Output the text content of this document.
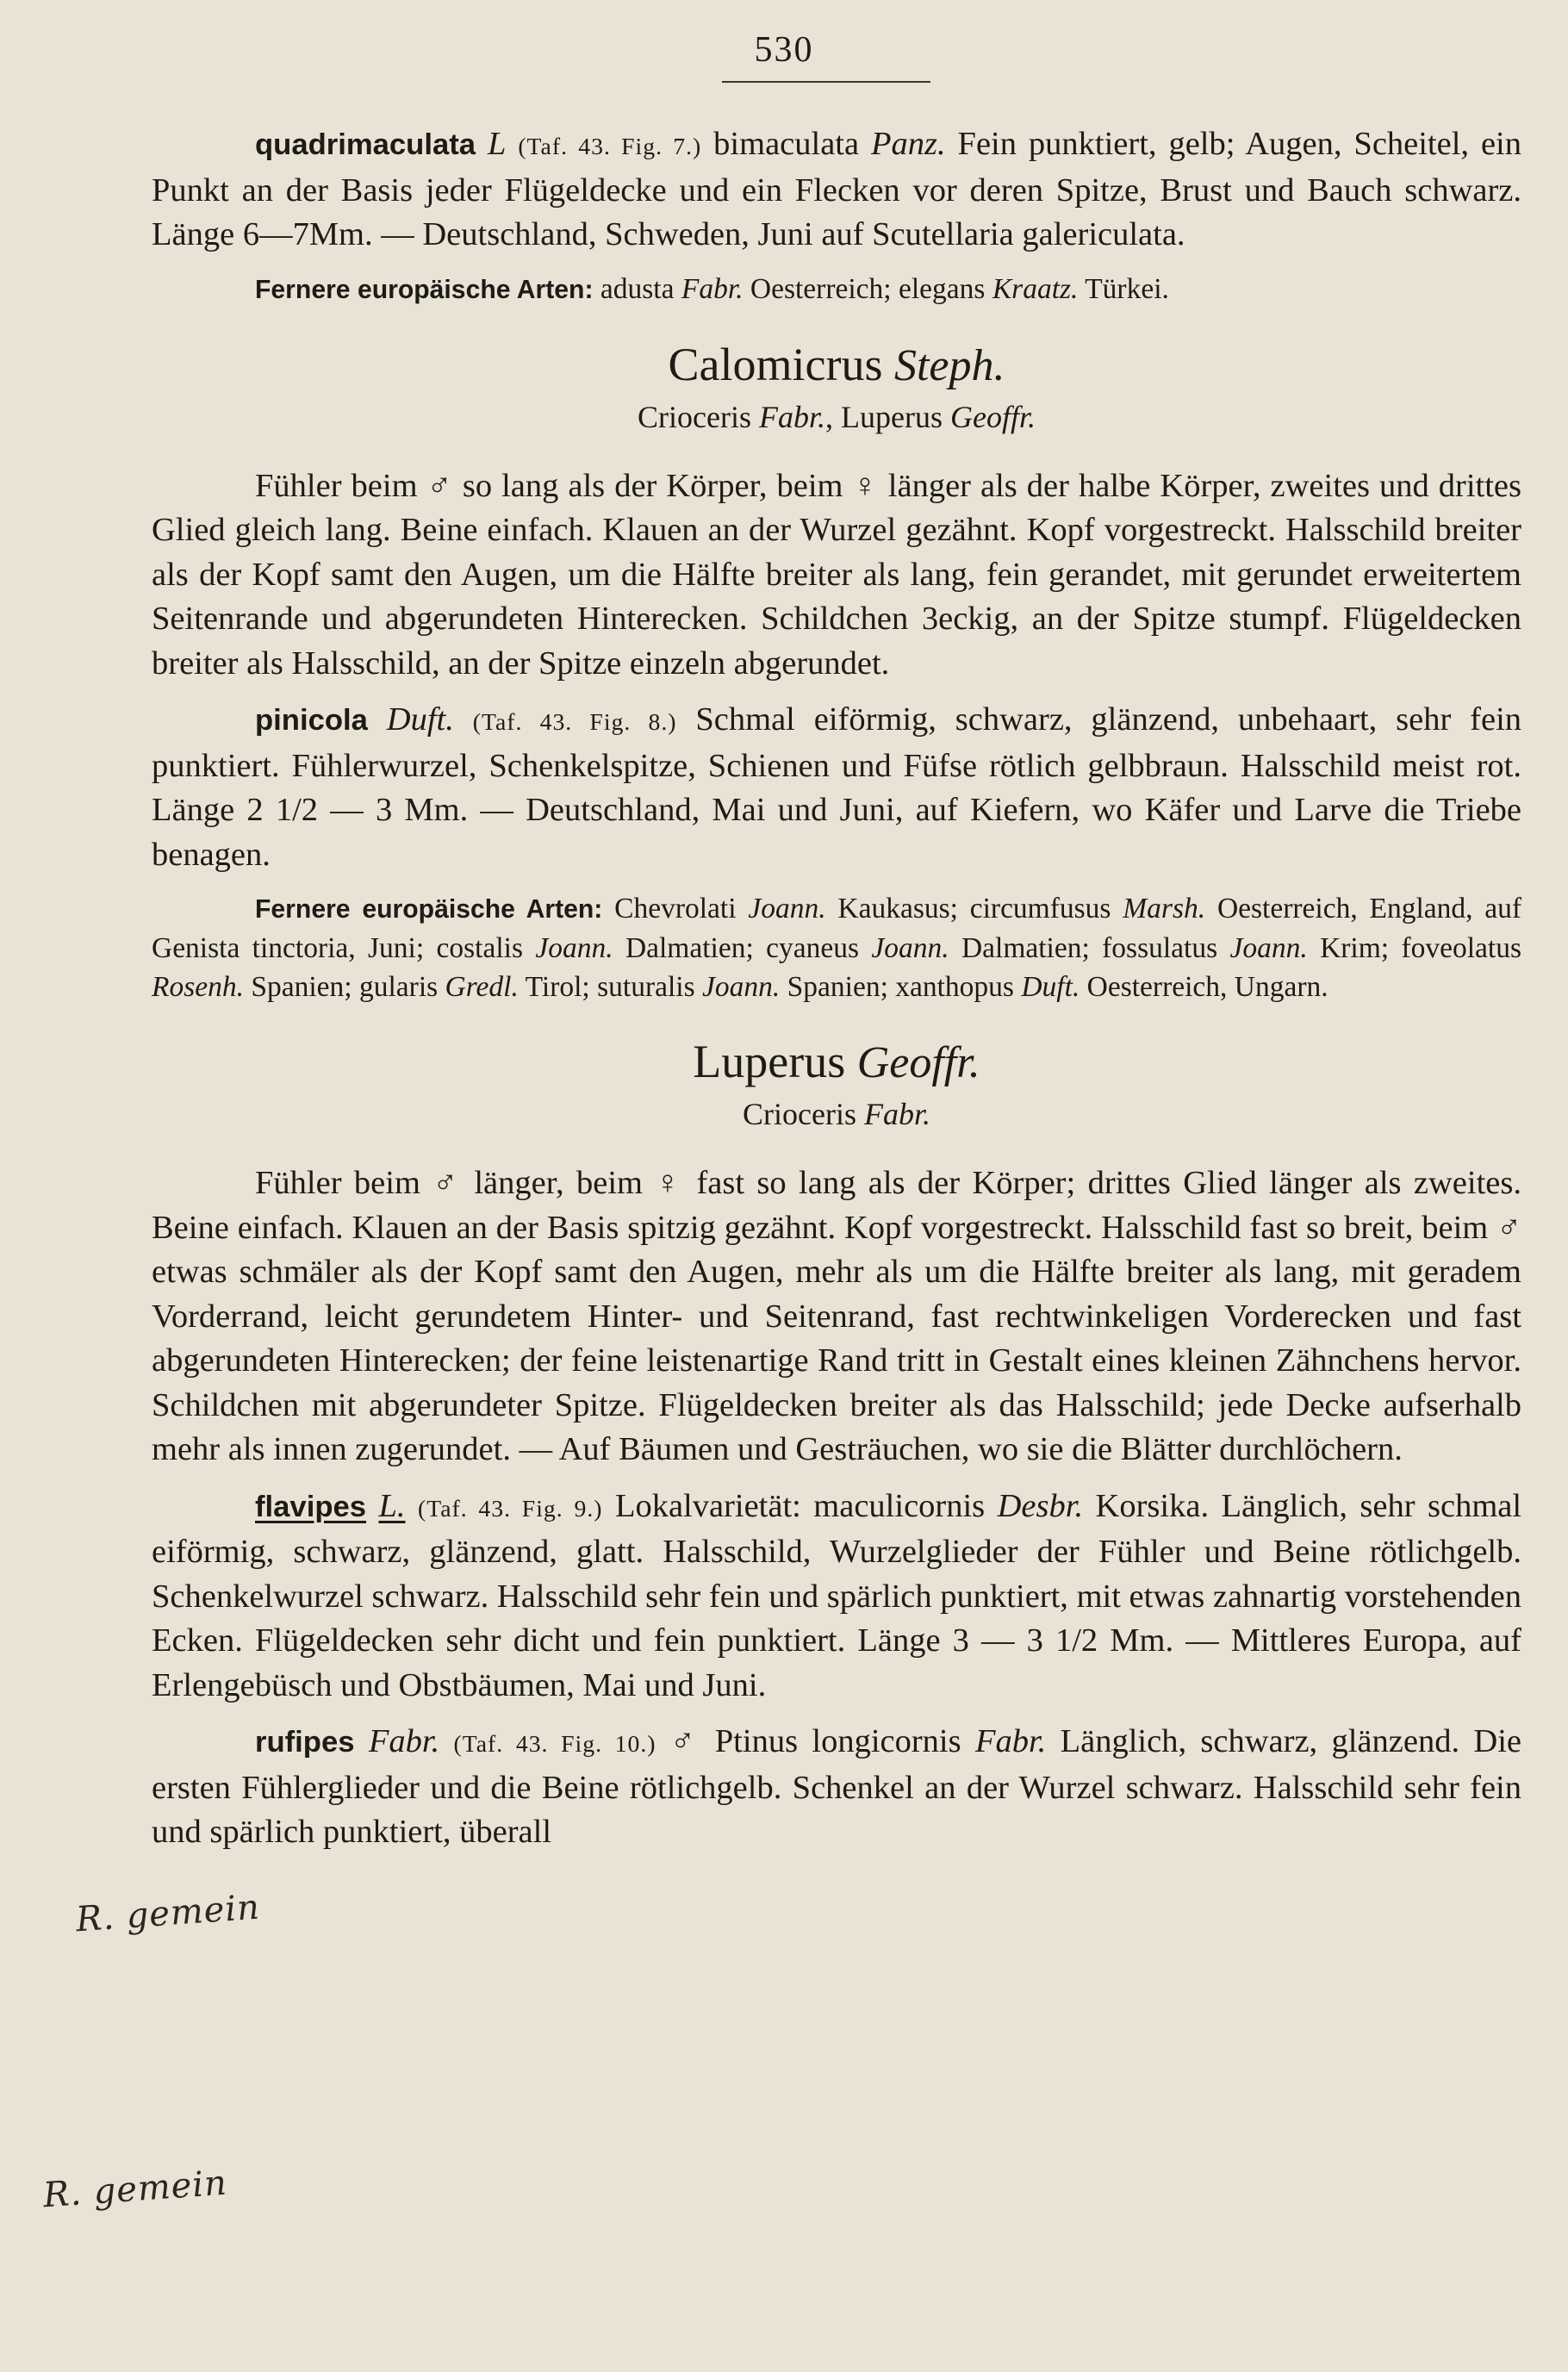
530

quadrimaculata L (Taf. 43. Fig. 7.) bimaculata Panz. Fein punktiert, gelb; Augen, Scheitel, ein Punkt an der Basis jeder Flügeldecke und ein Flecken vor deren Spitze, Brust und Bauch schwarz. Länge 6—7Mm. — Deutschland, Schweden, Juni auf Scutellaria galericulata.

Fernere europäische Arten: adusta Fabr. Oesterreich; elegans Kraatz. Türkei.

Calomicrus Steph.
Crioceris Fabr., Luperus Geoffr.

Fühler beim ♂ so lang als der Körper, beim ♀ länger als der halbe Körper, zweites und drittes Glied gleich lang. Beine einfach. Klauen an der Wurzel gezähnt. Kopf vorgestreckt. Halsschild breiter als der Kopf samt den Augen, um die Hälfte breiter als lang, fein gerandet, mit gerundet erweitertem Seitenrande und abgerundeten Hinterecken. Schildchen 3eckig, an der Spitze stumpf. Flügeldecken breiter als Halsschild, an der Spitze einzeln abgerundet.

pinicola Duft. (Taf. 43. Fig. 8.) Schmal eiförmig, schwarz, glänzend, unbehaart, sehr fein punktiert. Fühlerwurzel, Schenkelspitze, Schienen und Füfse rötlich gelbbraun. Halsschild meist rot. Länge 2 1/2 — 3 Mm. — Deutschland, Mai und Juni, auf Kiefern, wo Käfer und Larve die Triebe benagen.

Fernere europäische Arten: Chevrolati Joann. Kaukasus; circumfusus Marsh. Oesterreich, England, auf Genista tinctoria, Juni; costalis Joann. Dalmatien; cyaneus Joann. Dalmatien; fossulatus Joann. Krim; foveolatus Rosenh. Spanien; gularis Gredl. Tirol; suturalis Joann. Spanien; xanthopus Duft. Oesterreich, Ungarn.

Luperus Geoffr.
Crioceris Fabr.

Fühler beim ♂ länger, beim ♀ fast so lang als der Körper; drittes Glied länger als zweites. Beine einfach. Klauen an der Basis spitzig gezähnt. Kopf vorgestreckt. Halsschild fast so breit, beim ♂ etwas schmäler als der Kopf samt den Augen, mehr als um die Hälfte breiter als lang, mit geradem Vorderrand, leicht gerundetem Hinter- und Seitenrand, fast rechtwinkeligen Vorderecken und fast abgerundeten Hinterecken; der feine leistenartige Rand tritt in Gestalt eines kleinen Zähnchens hervor. Schildchen mit abgerundeter Spitze. Flügeldecken breiter als das Halsschild; jede Decke aufserhalb mehr als innen zugerundet. — Auf Bäumen und Gesträuchen, wo sie die Blätter durchlöchern.

flavipes L. (Taf. 43. Fig. 9.) Lokalvarietät: maculicornis Desbr. Korsika. Länglich, sehr schmal eiförmig, schwarz, glänzend, glatt. Halsschild, Wurzelglieder der Fühler und Beine rötlichgelb. Schenkelwurzel schwarz. Halsschild sehr fein und spärlich punktiert, mit etwas zahnartig vorstehenden Ecken. Flügeldecken sehr dicht und fein punktiert. Länge 3 — 3 1/2 Mm. — Mittleres Europa, auf Erlengebüsch und Obstbäumen, Mai und Juni.

rufipes Fabr. (Taf. 43. Fig. 10.) ♂ Ptinus longicornis Fabr. Länglich, schwarz, glänzend. Die ersten Fühlerglieder und die Beine rötlichgelb. Schenkel an der Wurzel schwarz. Halsschild sehr fein und spärlich punktiert, überall

R. gemein
R. gemein
